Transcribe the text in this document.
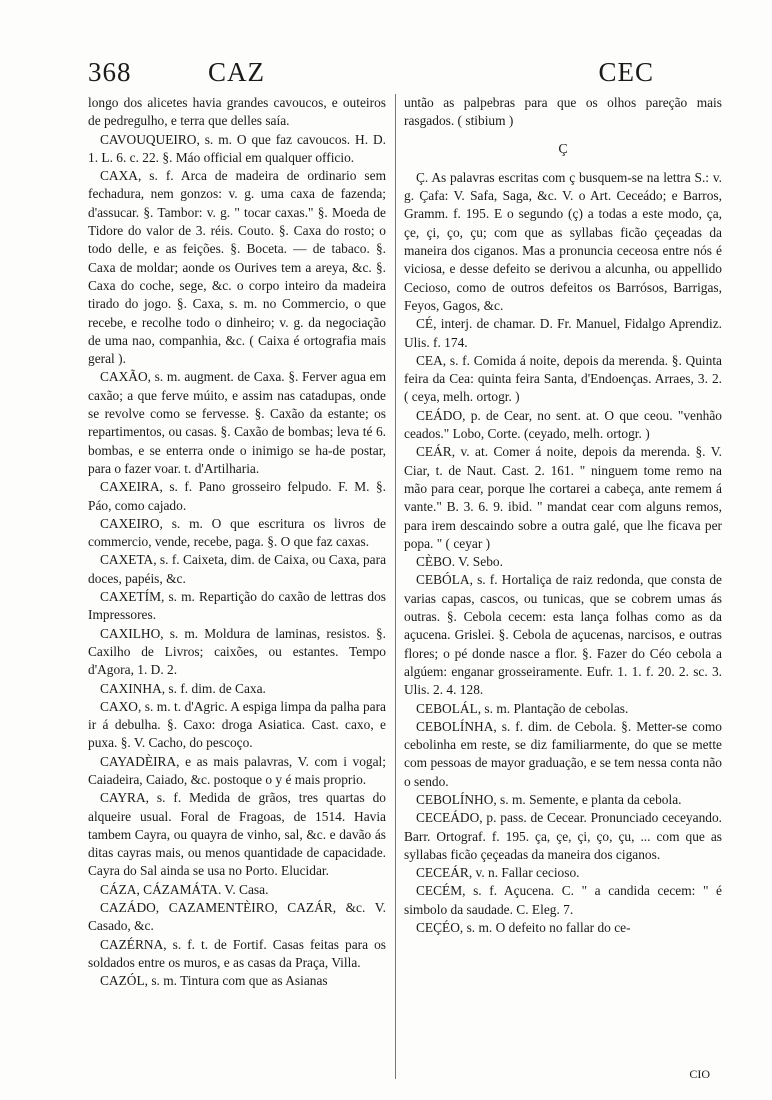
368	CAZ	CEC

longo dos alicetes havia grandes cavoucos, e outeiros de pedregulho, e terra que delles saía.

CAVOUQUEIRO, s. m. O que faz cavoucos. H. D. 1. L. 6. c. 22. §. Máo official em qualquer officio.

CAXA, s. f. Arca de madeira de ordinario sem fechadura, nem gonzos: v. g. uma caxa de fazenda; d'assucar. §. Tambor: v. g. " tocar caxas." §. Moeda de Tidore do valor de 3. réis. Couto. §. Caxa do rosto; o todo delle, e as feições. §. Boceta. — de tabaco. §. Caxa de moldar; aonde os Ourives tem a areya, &c. §. Caxa do coche, sege, &c. o corpo inteiro da madeira tirado do jogo. §. Caxa, s. m. no Commercio, o que recebe, e recolhe todo o dinheiro; v. g. da negociação de uma nao, companhia, &c. ( Caixa é ortografia mais geral ).

CAXÃO, s. m. augment. de Caxa. §. Ferver agua em caxão; a que ferve múito, e assim nas catadupas, onde se revolve como se fervesse. §. Caxão da estante; os repartimentos, ou casas. §. Caxão de bombas; leva té 6. bombas, e se enterra onde o inimigo se ha-de postar, para o fazer voar. t. d'Artilharia.

CAXEIRA, s. f. Pano grosseiro felpudo. F. M. §. Páo, como cajado.

CAXEIRO, s. m. O que escritura os livros de commercio, vende, recebe, paga. §. O que faz caxas.

CAXETA, s. f. Caixeta, dim. de Caixa, ou Caxa, para doces, papéis, &c.

CAXETÍM, s. m. Repartição do caxão de lettras dos Impressores.

CAXILHO, s. m. Moldura de laminas, resistos. §. Caxilho de Livros; caixões, ou estantes. Tempo d'Agora, 1. D. 2.

CAXINHA, s. f. dim. de Caxa.

CAXO, s. m. t. d'Agric. A espiga limpa da palha para ir á debulha. §. Caxo: droga Asiatica. Cast. caxo, e puxa. §. V. Cacho, do pescoço.

CAYADÈIRA, e as mais palavras, V. com i vogal; Caiadeira, Caiado, &c. postoque o y é mais proprio.

CAYRA, s. f. Medida de grãos, tres quartas do alqueire usual. Foral de Fragoas, de 1514. Havia tambem Cayra, ou quayra de vinho, sal, &c. e davão ás ditas cayras mais, ou menos quantidade de capacidade. Cayra do Sal ainda se usa no Porto. Elucidar.

CÁZA, CÁZAMÁTA. V. Casa.

CAZÁDO, CAZAMENTÈIRO, CAZÁR, &c. V. Casado, &c.

CAZÉRNA, s. f. t. de Fortif. Casas feitas para os soldados entre os muros, e as casas da Praça, Villa.

CAZÓL, s. m. Tintura com que as Asianas

untão as palpebras para que os olhos pareção mais rasgados. ( stibium )

Ç

Ç. As palavras escritas com ç busquem-se na lettra S.: v. g. Çafa: V. Safa, Saga, &c. V. o Art. Ceceádo; e Barros, Gramm. f. 195. E o segundo (ç) a todas a este modo, ça, çe, çi, ço, çu; com que as syllabas ficão çeçeadas da maneira dos ciganos. Mas a pronuncia ceceosa entre nós é viciosa, e desse defeito se derivou a alcunha, ou appellido Cecioso, como de outros defeitos os Barrósos, Barrigas, Feyos, Gagos, &c.

CÉ, interj. de chamar. D. Fr. Manuel, Fidalgo Aprendiz. Ulis. f. 174.

CEA, s. f. Comida á noite, depois da merenda. §. Quinta feira da Cea: quinta feira Santa, d'Endoenças. Arraes, 3. 2. ( ceya, melh. ortogr. )

CEÁDO, p. de Cear, no sent. at. O que ceou. "venhão ceados." Lobo, Corte. (ceyado, melh. ortogr. )

CEÁR, v. at. Comer á noite, depois da merenda. §. V. Ciar, t. de Naut. Cast. 2. 161. " ninguem tome remo na mão para cear, porque lhe cortarei a cabeça, ante remem á vante." B. 3. 6. 9. ibid. " mandat cear com alguns remos, para irem descaindo sobre a outra galé, que lhe ficava per popa. " ( ceyar )

CÈBO. V. Sebo.

CEBÓLA, s. f. Hortaliça de raiz redonda, que consta de varias capas, cascos, ou tunicas, que se cobrem umas ás outras. §. Cebola cecem: esta lança folhas como as da açucena. Grislei. §. Cebola de açucenas, narcisos, e outras flores; o pé donde nasce a flor. §. Fazer do Céo cebola a algúem: enganar grosseiramente. Eufr. 1. 1. f. 20. 2. sc. 3. Ulis. 2. 4. 128.

CEBOLÁL, s. m. Plantação de cebolas.

CEBOLÍNHA, s. f. dim. de Cebola. §. Metter-se como cebolinha em reste, se diz familiarmente, do que se mette com pessoas de mayor graduação, e se tem nessa conta não o sendo.

CEBOLÍNHO, s. m. Semente, e planta da cebola.

CECEÁDO, p. pass. de Cecear. Pronunciado ceceyando. Barr. Ortograf. f. 195. ça, çe, çi, ço, çu, ... com que as syllabas ficão çeçeadas da maneira dos ciganos.

CECEÁR, v. n. Fallar cecioso.

CECÉM, s. f. Açucena. C. " a candida cecem: " é simbolo da saudade. C. Eleg. 7.

CEÇÉO, s. m. O defeito no fallar do ce-

CIO
